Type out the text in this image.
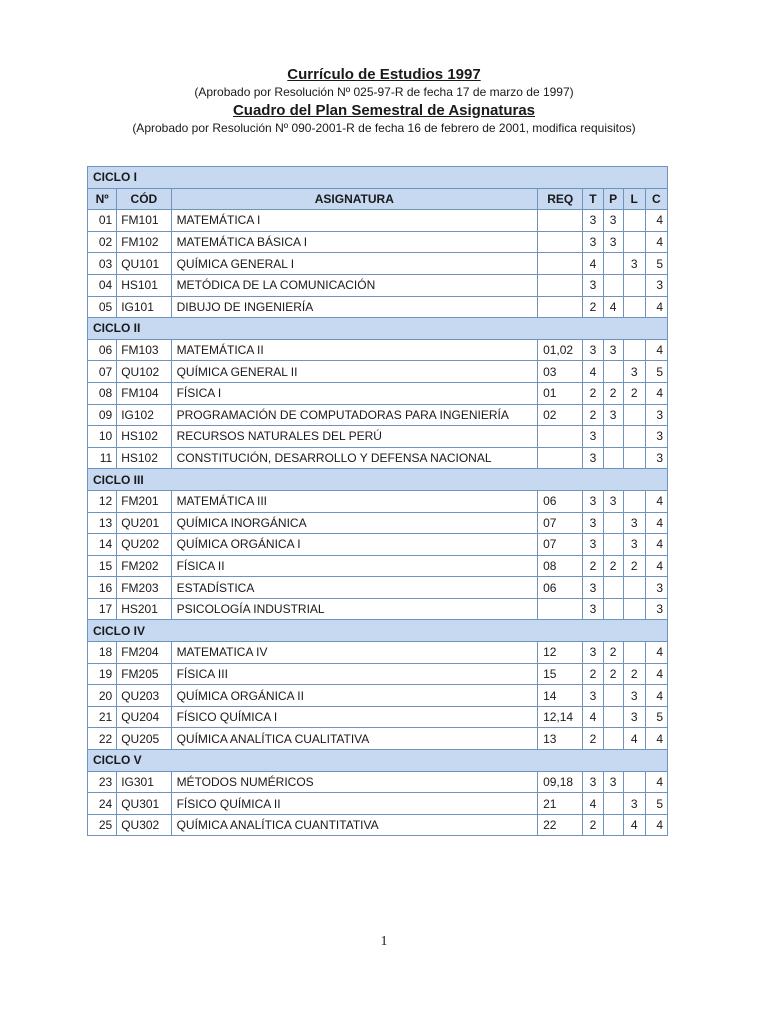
Currículo de Estudios 1997
(Aprobado por Resolución Nº 025-97-R de fecha 17 de marzo de 1997)
Cuadro del Plan Semestral de Asignaturas
(Aprobado por Resolución Nº 090-2001-R de fecha 16 de febrero de 2001, modifica requisitos)
CICLO I							
Nº	CÓD	ASIGNATURA	REQ	T	P	L	C
01	FM101	MATEMÁTICA I		3	3		4
02	FM102	MATEMÁTICA BÁSICA I		3	3		4
03	QU101	QUÍMICA GENERAL I		4		3	5
04	HS101	METÓDICA DE LA COMUNICACIÓN		3			3
05	IG101	DIBUJO DE INGENIERÍA		2	4		4
CICLO II							
06	FM103	MATEMÁTICA II	01,02	3	3		4
07	QU102	QUÍMICA GENERAL II	03	4		3	5
08	FM104	FÍSICA I	01	2	2	2	4
09	IG102	PROGRAMACIÓN DE COMPUTADORAS PARA INGENIERÍA	02	2	3		3
10	HS102	RECURSOS NATURALES DEL PERÚ		3			3
11	HS102	CONSTITUCIÓN, DESARROLLO Y DEFENSA NACIONAL		3			3
CICLO III							
12	FM201	MATEMÁTICA III	06	3	3		4
13	QU201	QUÍMICA INORGÁNICA	07	3		3	4
14	QU202	QUÍMICA ORGÁNICA I	07	3		3	4
15	FM202	FÍSICA II	08	2	2	2	4
16	FM203	ESTADÍSTICA	06	3			3
17	HS201	PSICOLOGÍA INDUSTRIAL		3			3
CICLO IV							
18	FM204	MATEMATICA IV	12	3	2		4
19	FM205	FÍSICA III	15	2	2	2	4
20	QU203	QUÍMICA ORGÁNICA II	14	3		3	4
21	QU204	FÍSICO QUÍMICA I	12,14	4		3	5
22	QU205	QUÍMICA ANALÍTICA CUALITATIVA	13	2		4	4
CICLO V							
23	IG301	MÉTODOS NUMÉRICOS	09,18	3	3		4
24	QU301	FÍSICO QUÍMICA II	21	4		3	5
25	QU302	QUÍMICA ANALÍTICA CUANTITATIVA	22	2		4	4
1
